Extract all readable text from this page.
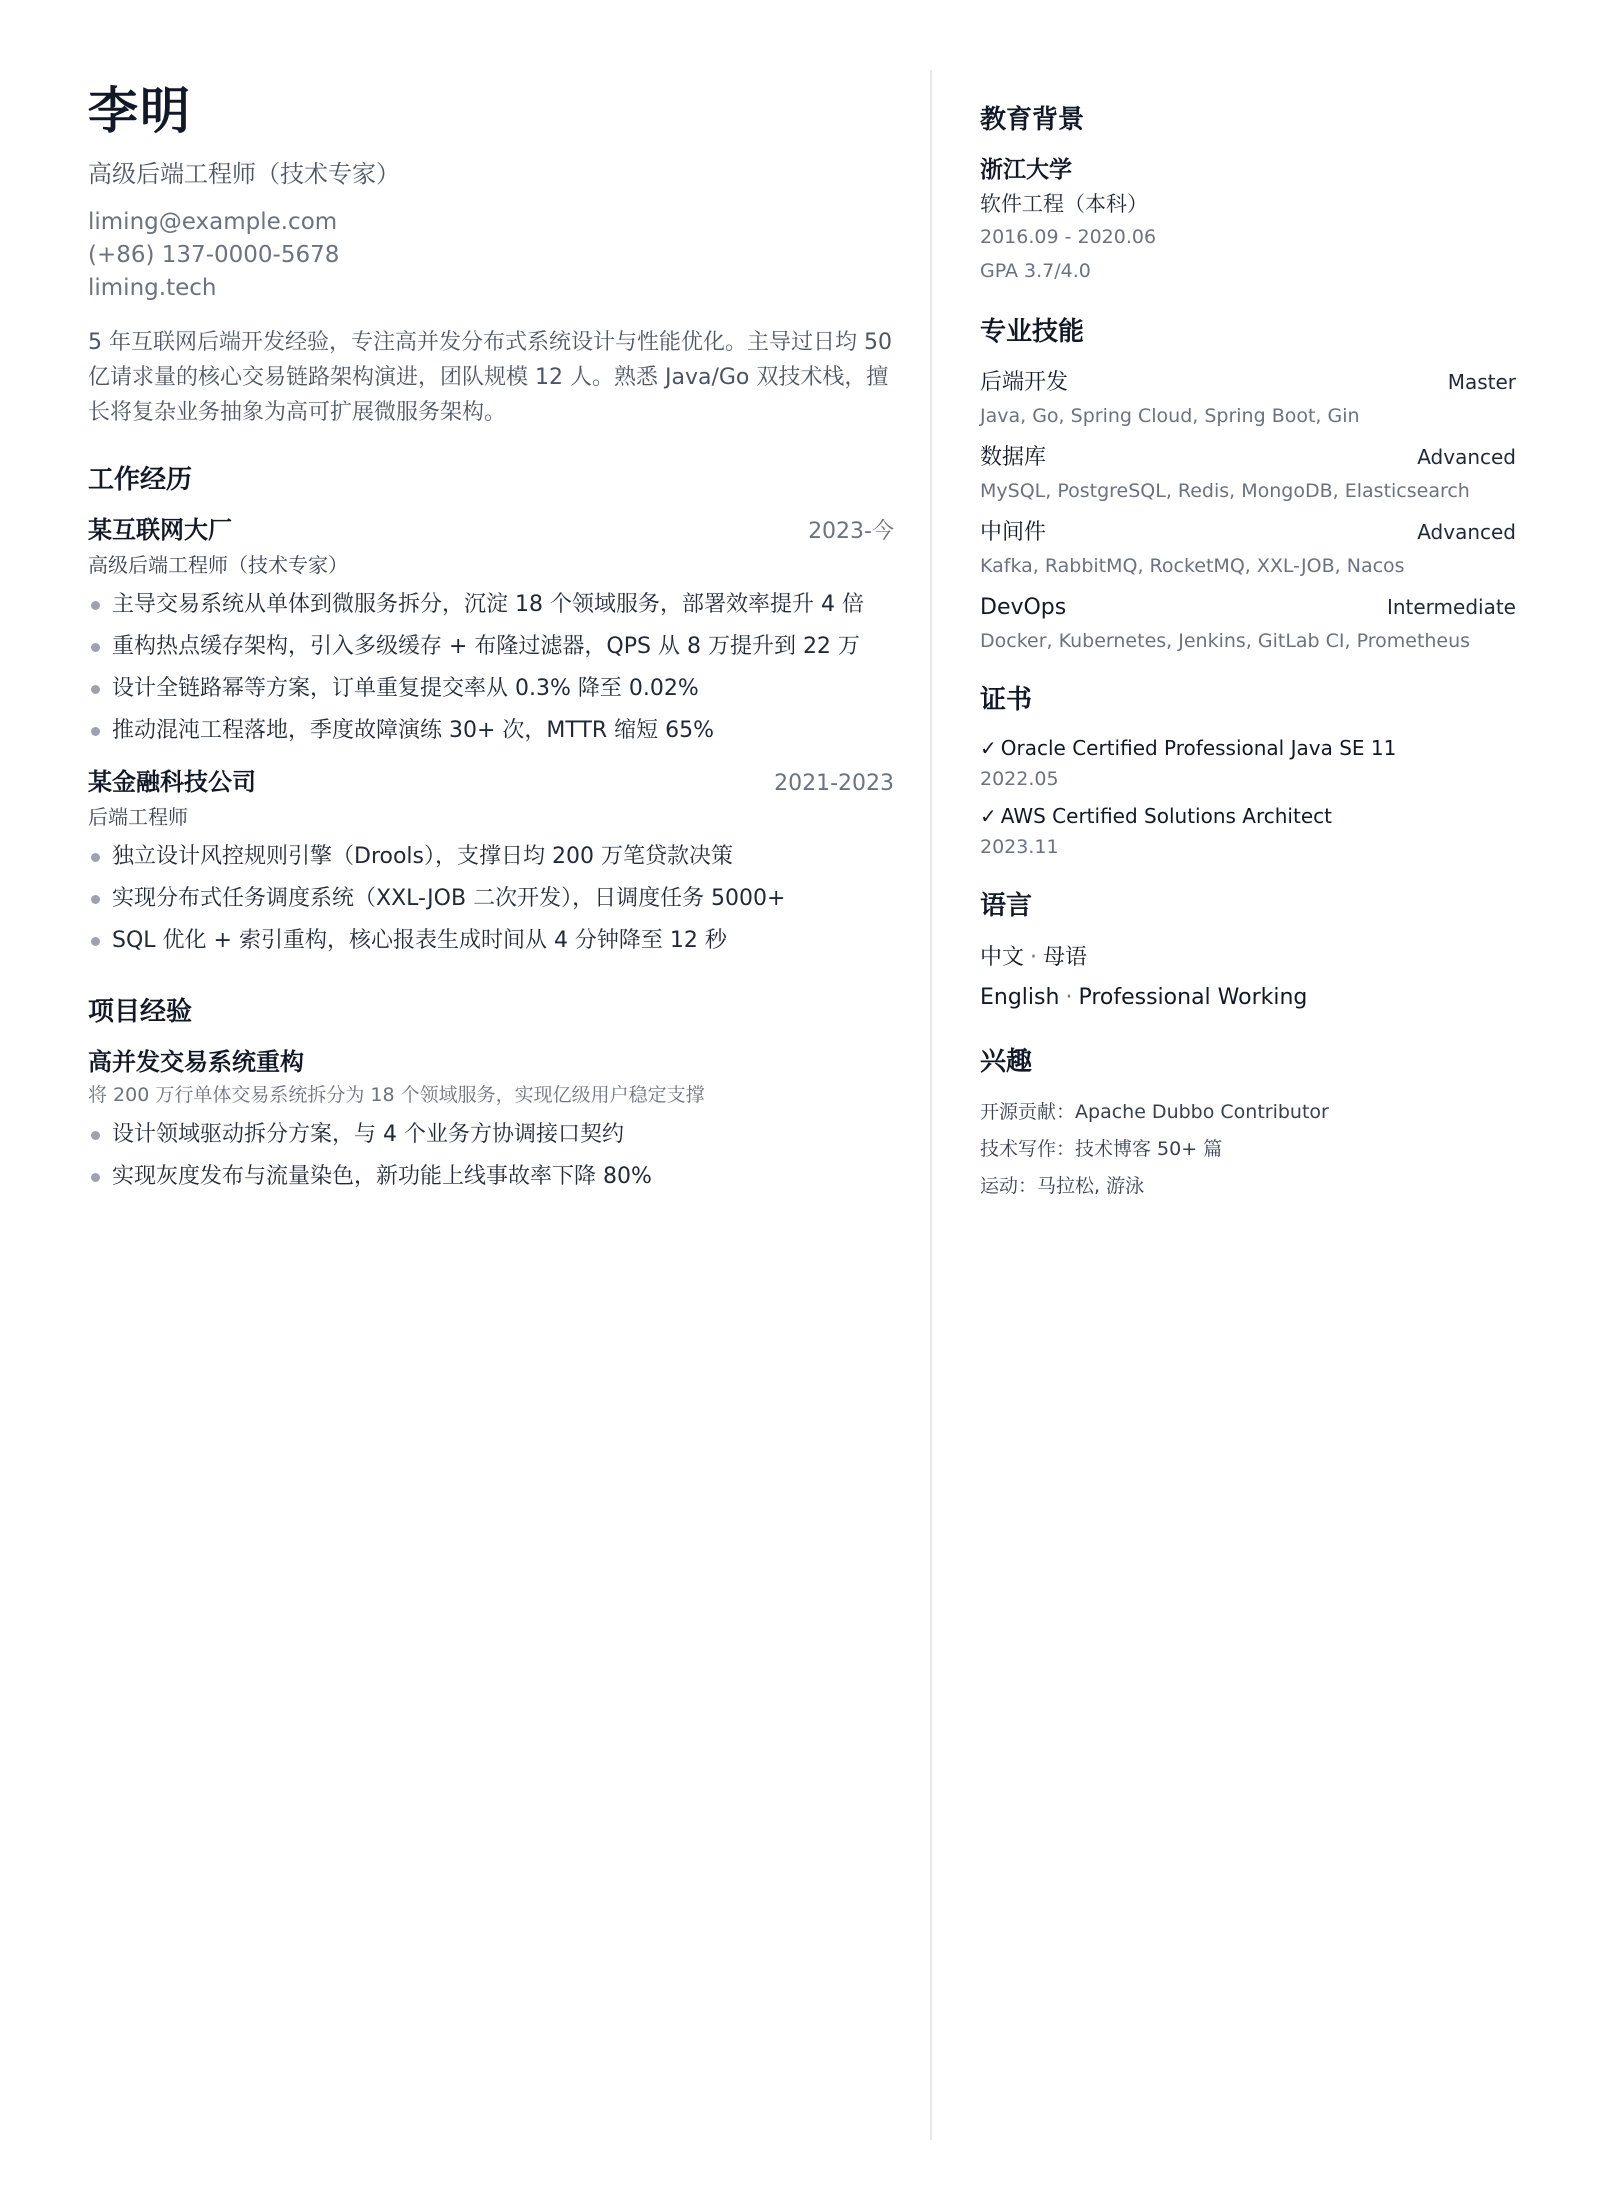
李明
高级后端工程师（技术专家）
liming@example.com
(+86) 137-0000-5678
liming.tech
5 年互联网后端开发经验，专注高并发分布式系统设计与性能优化。主导过日均 50 亿请求量的核心交易链路架构演进，团队规模 12 人。熟悉 Java/Go 双技术栈，擅长将复杂业务抽象为高可扩展微服务架构。
工作经历
某互联网大厂	2023-今
高级后端工程师（技术专家）
主导交易系统从单体到微服务拆分，沉淀 18 个领域服务，部署效率提升 4 倍
重构热点缓存架构，引入多级缓存 + 布隆过滤器，QPS 从 8 万提升到 22 万
设计全链路幂等方案，订单重复提交率从 0.3% 降至 0.02%
推动混沌工程落地，季度故障演练 30+ 次，MTTR 缩短 65%
某金融科技公司	2021-2023
后端工程师
独立设计风控规则引擎（Drools），支撑日均 200 万笔贷款决策
实现分布式任务调度系统（XXL-JOB 二次开发），日调度任务 5000+
SQL 优化 + 索引重构，核心报表生成时间从 4 分钟降至 12 秒
项目经验
高并发交易系统重构
将 200 万行单体交易系统拆分为 18 个领域服务，实现亿级用户稳定支撑
设计领域驱动拆分方案，与 4 个业务方协调接口契约
实现灰度发布与流量染色，新功能上线事故率下降 80%
教育背景
浙江大学
软件工程（本科）
2016.09 - 2020.06
GPA 3.7/4.0
专业技能
后端开发	Master
Java, Go, Spring Cloud, Spring Boot, Gin
数据库	Advanced
MySQL, PostgreSQL, Redis, MongoDB, Elasticsearch
中间件	Advanced
Kafka, RabbitMQ, RocketMQ, XXL-JOB, Nacos
DevOps	Intermediate
Docker, Kubernetes, Jenkins, GitLab CI, Prometheus
证书
✓ Oracle Certified Professional Java SE 11
2022.05
✓ AWS Certified Solutions Architect
2023.11
语言
中文 · 母语
English · Professional Working
兴趣
开源贡献：Apache Dubbo Contributor
技术写作：技术博客 50+ 篇
运动：马拉松, 游泳
